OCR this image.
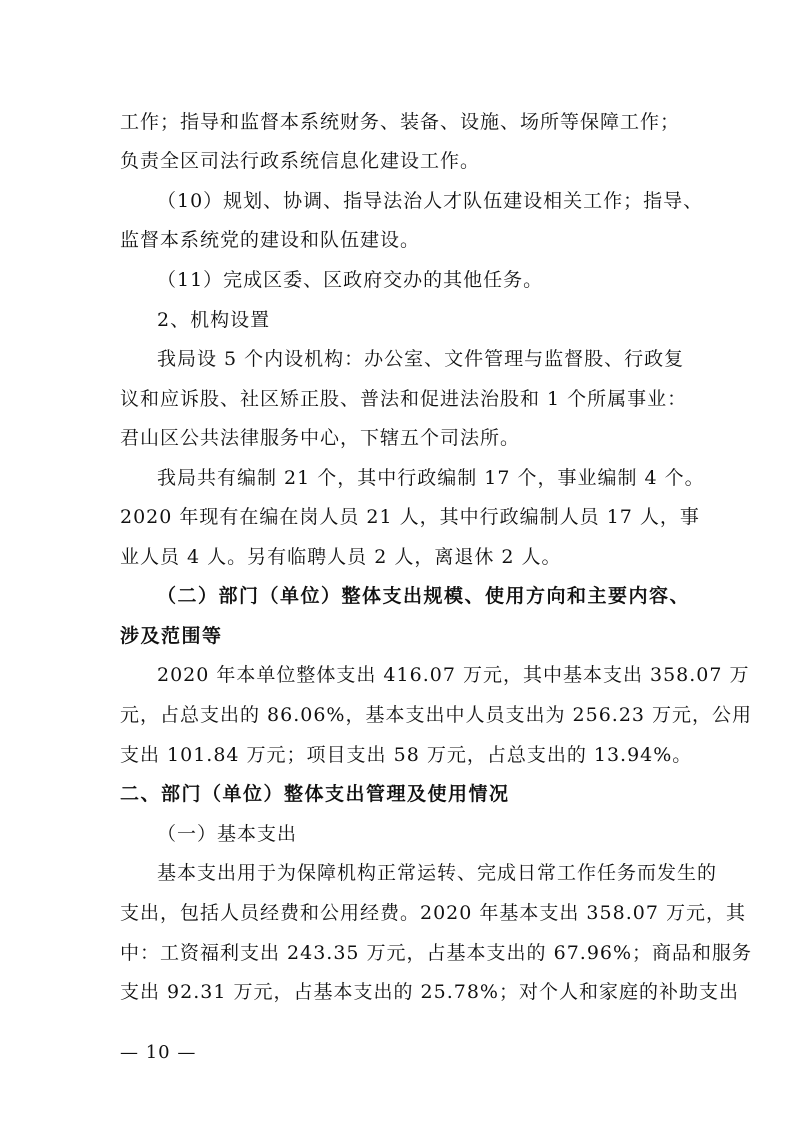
工作；指导和监督本系统财务、装备、设施、场所等保障工作；
负责全区司法行政系统信息化建设工作。
（10）规划、协调、指导法治人才队伍建设相关工作；指导、
监督本系统党的建设和队伍建设。
（11）完成区委、区政府交办的其他任务。
2、机构设置
我局设 5 个内设机构：办公室、文件管理与监督股、行政复
议和应诉股、社区矫正股、普法和促进法治股和 1 个所属事业：
君山区公共法律服务中心，下辖五个司法所。
我局共有编制 21 个，其中行政编制 17 个，事业编制 4 个。
2020 年现有在编在岗人员 21 人，其中行政编制人员 17 人，事
业人员 4 人。另有临聘人员 2 人，离退休 2 人。
（二）部门（单位）整体支出规模、使用方向和主要内容、
涉及范围等
2020 年本单位整体支出 416.07 万元，其中基本支出 358.07 万
元，占总支出的 86.06%，基本支出中人员支出为 256.23 万元，公用
支出 101.84 万元；项目支出 58 万元，占总支出的 13.94%。
二、部门（单位）整体支出管理及使用情况
（一）基本支出
基本支出用于为保障机构正常运转、完成日常工作任务而发生的
支出，包括人员经费和公用经费。2020 年基本支出 358.07 万元，其
中：工资福利支出 243.35 万元，占基本支出的 67.96%；商品和服务
支出 92.31 万元，占基本支出的 25.78%；对个人和家庭的补助支出
— 10 —
